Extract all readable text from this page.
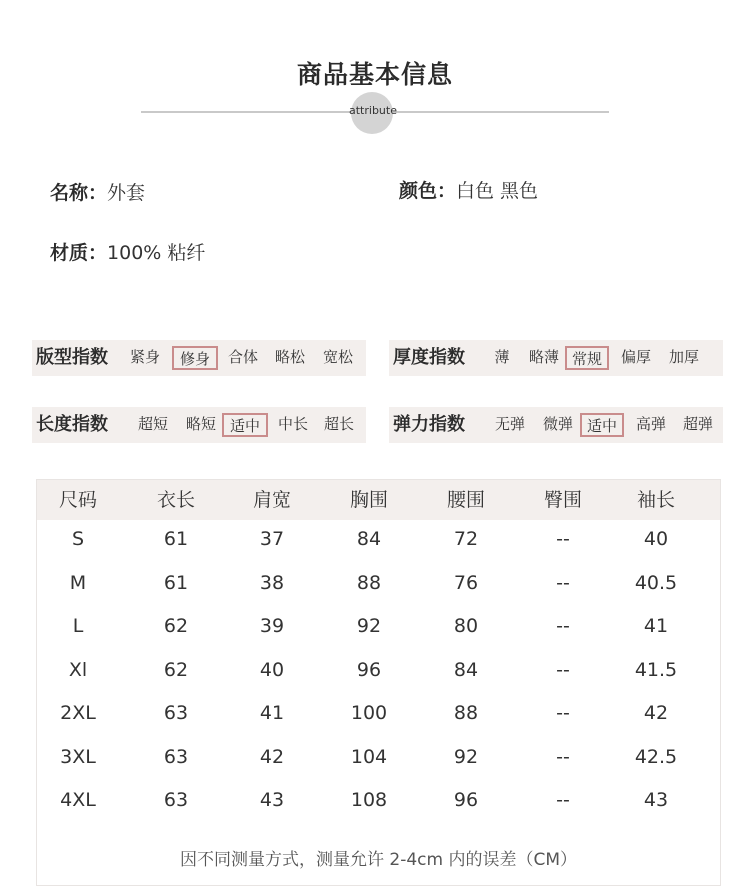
商品基本信息
attribute
名称：外套	颜色：白色 黑色
材质：100% 粘纤
版型指数	紧身	修身	合体	略松	宽松	厚度指数	薄	略薄 常规	偏厚	加厚
长度指数	超短	略短 适中	中长	超长	弹力指数	无弹	微弹 适中	高弹	超弹
尺码	衣长	肩宽	胸围	腰围	臀围	袖长
S	61	37	84	72	--	40
M	61	38	88	76	--	40.5
L	62	39	92	80	--	41
Xl	62	40	96	84	--	41.5
2XL	63	41	100	88	--	42
3XL	63	42	104	92	--	42.5
4XL	63	43	108	96	--	43
因不同测量方式，测量允许 2-4cm 内的误差（CM）
